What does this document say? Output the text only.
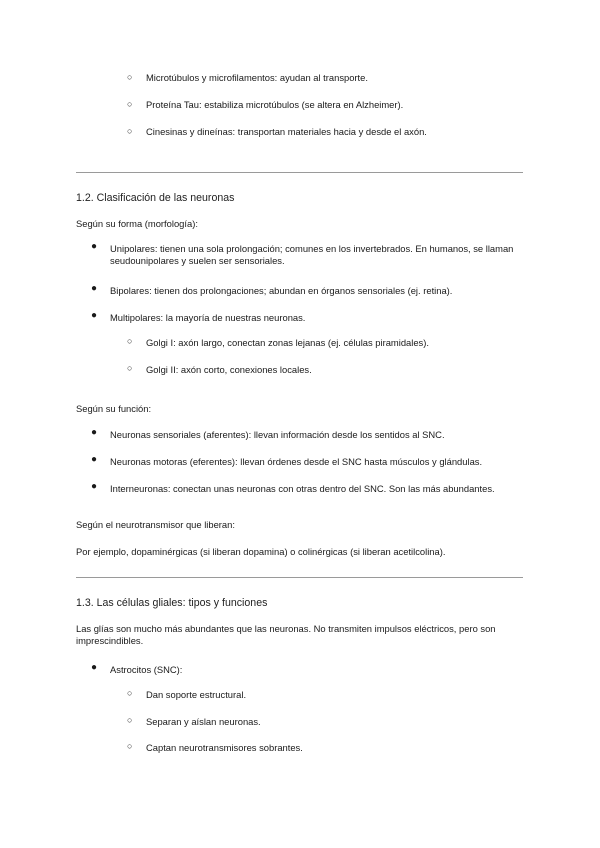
○ Microtúbulos y microfilamentos: ayudan al transporte.
○ Proteína Tau: estabiliza microtúbulos (se altera en Alzheimer).
○ Cinesinas y dineínas: transportan materiales hacia y desde el axón.
1.2. Clasificación de las neuronas
Según su forma (morfología):
● Unipolares: tienen una sola prolongación; comunes en los invertebrados. En humanos, se llaman seudounipolares y suelen ser sensoriales.
● Bipolares: tienen dos prolongaciones; abundan en órganos sensoriales (ej. retina).
● Multipolares: la mayoría de nuestras neuronas.
○ Golgi I: axón largo, conectan zonas lejanas (ej. células piramidales).
○ Golgi II: axón corto, conexiones locales.
Según su función:
● Neuronas sensoriales (aferentes): llevan información desde los sentidos al SNC.
● Neuronas motoras (eferentes): llevan órdenes desde el SNC hasta músculos y glándulas.
● Interneuronas: conectan unas neuronas con otras dentro del SNC. Son las más abundantes.
Según el neurotransmisor que liberan:
Por ejemplo, dopaminérgicas (si liberan dopamina) o colinérgicas (si liberan acetilcolina).
1.3. Las células gliales: tipos y funciones
Las glías son mucho más abundantes que las neuronas. No transmiten impulsos eléctricos, pero son imprescindibles.
● Astrocitos (SNC):
○ Dan soporte estructural.
○ Separan y aíslan neuronas.
○ Captan neurotransmisores sobrantes.
